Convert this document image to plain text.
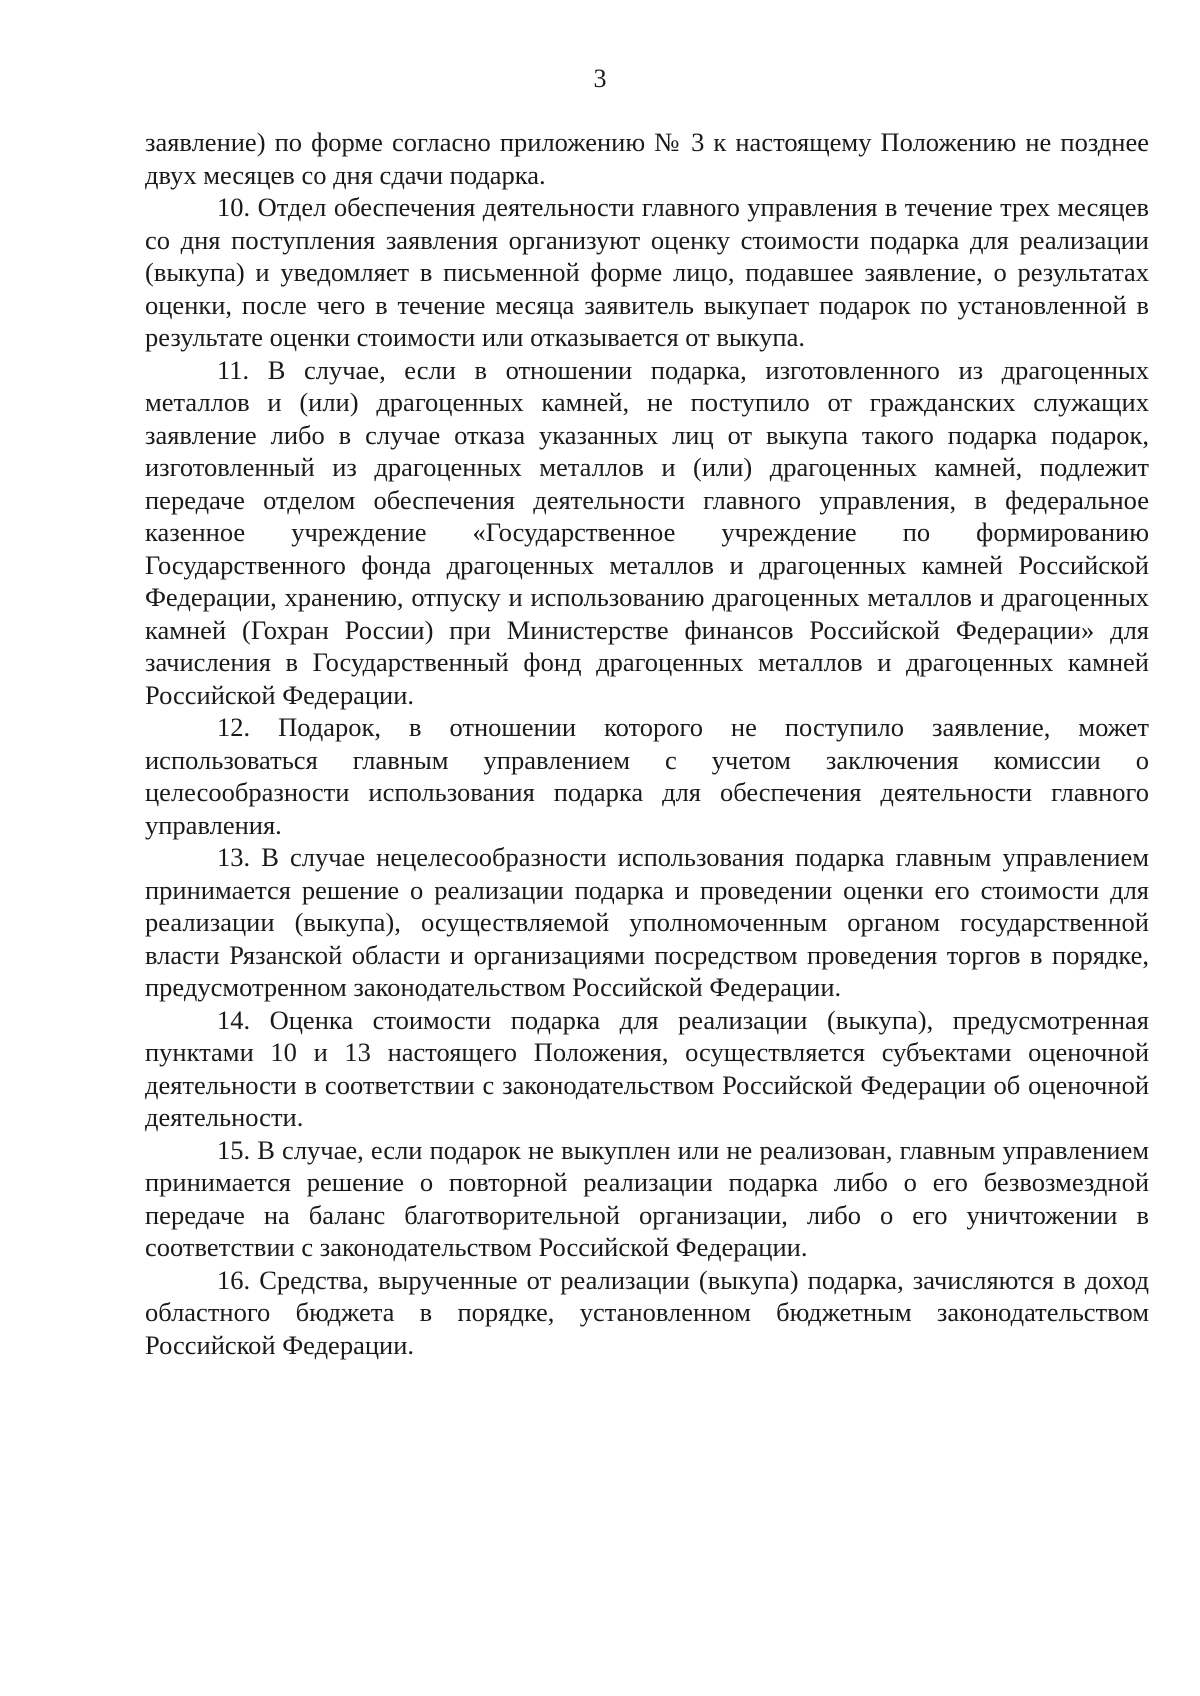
3

заявление) по форме согласно приложению № 3 к настоящему Положению не позднее двух месяцев со дня сдачи подарка.

10. Отдел обеспечения деятельности главного управления в течение трех месяцев со дня поступления заявления организуют оценку стоимости подарка для реализации (выкупа) и уведомляет в письменной форме лицо, подавшее заявление, о результатах оценки, после чего в течение месяца заявитель выкупает подарок по установленной в результате оценки стоимости или отказывается от выкупа.

11. В случае, если в отношении подарка, изготовленного из драгоценных металлов и (или) драгоценных камней, не поступило от гражданских служащих заявление либо в случае отказа указанных лиц от выкупа такого подарка подарок, изготовленный из драгоценных металлов и (или) драгоценных камней, подлежит передаче отделом обеспечения деятельности главного управления, в федеральное казенное учреждение «Государственное учреждение по формированию Государственного фонда драгоценных металлов и драгоценных камней Российской Федерации, хранению, отпуску и использованию драгоценных металлов и драгоценных камней (Гохран России) при Министерстве финансов Российской Федерации» для зачисления в Государственный фонд драгоценных металлов и драгоценных камней Российской Федерации.

12. Подарок, в отношении которого не поступило заявление, может использоваться главным управлением с учетом заключения комиссии о целесообразности использования подарка для обеспечения деятельности главного управления.

13. В случае нецелесообразности использования подарка главным управлением принимается решение о реализации подарка и проведении оценки его стоимости для реализации (выкупа), осуществляемой уполномоченным органом государственной власти Рязанской области и организациями посредством проведения торгов в порядке, предусмотренном законодательством Российской Федерации.

14. Оценка стоимости подарка для реализации (выкупа), предусмотренная пунктами 10 и 13 настоящего Положения, осуществляется субъектами оценочной деятельности в соответствии с законодательством Российской Федерации об оценочной деятельности.

15. В случае, если подарок не выкуплен или не реализован, главным управлением принимается решение о повторной реализации подарка либо о его безвозмездной передаче на баланс благотворительной организации, либо о его уничтожении в соответствии с законодательством Российской Федерации.

16. Средства, вырученные от реализации (выкупа) подарка, зачисляются в доход областного бюджета в порядке, установленном бюджетным законодательством Российской Федерации.
